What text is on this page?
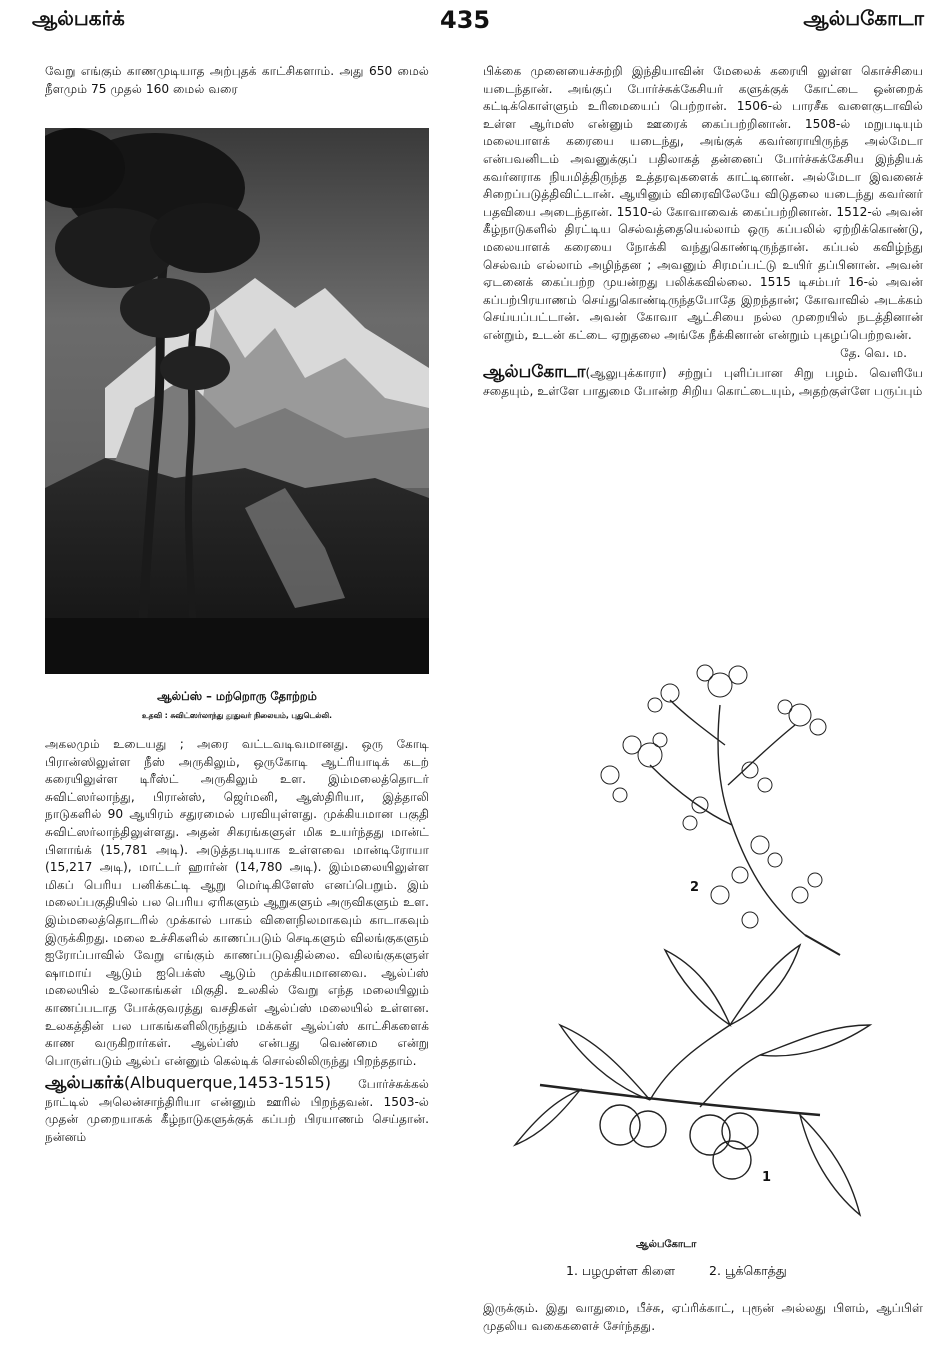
ஆல்பகர்க்	435	ஆல்பகோடா

வேறு எங்கும் காணமுடியாத அற்புதக் காட்சிகளாம். அது 650 மைல் நீளமும் 75 முதல் 160 மைல் வரை

ஆல்ப்ஸ் – மற்றொரு தோற்றம்
உதவி : சுவிட்ஸர்லாந்து தூதுவர் நிலையம், புதுடெல்லி.

அகலமும் உடையது ; அரை வட்டவடிவமானது. ஒரு கோடி பிரான்ஸிலுள்ள நீஸ் அருகிலும், ஒருகோடி ஆட்ரியாடிக் கடற் கரையிலுள்ள டிரீஸ்ட் அருகிலும் உள. இம்மலைத்தொடர் சுவிட்ஸர்லாந்து, பிரான்ஸ், ஜெர்மனி, ஆஸ்திரியா, இத்தாலி நாடுகளில் 90 ஆயிரம் சதுரமைல் பரவியுள்ளது. முக்கியமான பகுதி சுவிட்ஸர்லாந்திலுள்ளது. அதன் சிகரங்களுள் மிக உயர்ந்தது மான்ட் பிளாங்க் (15,781 அடி). அடுத்தபடியாக உள்ளவை மான்டிரோயா (15,217 அடி), மாட்டர் ஹார்ன் (14,780 அடி). இம்மலையிலுள்ள மிகப் பெரிய பனிக்கட்டி ஆறு மெர்டிகிளேஸ் எனப்பெறும். இம் மலைப்பகுதியில் பல பெரிய ஏரிகளும் ஆறுகளும் அருவிகளும் உள. இம்மலைத்தொடரில் முக்கால் பாகம் விளைநிலமாகவும் காடாகவும் இருக்கிறது. மலை உச்சிகளில் காணப்படும் செடிகளும் விலங்குகளும் ஐரோப்பாவில் வேறு எங்கும் காணப்படுவதில்லை. விலங்குகளுள் ஷாமாய் ஆடும் ஐபெக்ஸ் ஆடும் முக்கியமானவை. ஆல்ப்ஸ் மலையில் உலோகங்கள் மிகுதி. உலகில் வேறு எந்த மலையிலும் காணப்படாத போக்குவரத்து வசதிகள் ஆல்ப்ஸ் மலையில் உள்ளன. உலகத்தின் பல பாகங்களிலிருந்தும் மக்கள் ஆல்ப்ஸ் காட்சிகளைக் காண வருகிறார்கள். ஆல்ப்ஸ் என்பது வெண்மை என்று பொருள்படும் ஆல்ப் என்னும் கெல்டிக் சொல்லிலிருந்து பிறந்ததாம்.

ஆல்பகர்க்(Albuquerque,1453-1515) போர்ச்சுக்கல் நாட்டில் அலென்சாந்திரியா என்னும் ஊரில் பிறந்தவன். 1503-ல் முதன் முறையாகக் கீழ்நாடுகளுக்குக் கப்பற் பிரயாணம் செய்தான். நன்னம்

பிக்கை முனையைச்சுற்றி இந்தியாவின் மேலைக் கரையி லுள்ள கொச்சியை யடைந்தான். அங்குப் போர்ச்சுக்கேசியர் களுக்குக் கோட்டை ஒன்றைக் கட்டிக்கொள்ளும் உரிமையைப் பெற்றான். 1506-ல் பாரசீக வளைகுடாவில் உள்ள ஆர்மஸ் என்னும் ஊரைக் கைப்பற்றினான். 1508-ல் மறுபடியும் மலையாளக் கரையை யடைந்து, அங்குக் கவர்னராயிருந்த அல்மேடா என்பவனிடம் அவனுக்குப் பதிலாகத் தன்னைப் போர்ச்சுக்கேசிய இந்தியக் கவர்னராக நியமித்திருந்த உத்தரவுகளைக் காட்டினான். அல்மேடா இவனைச் சிறைப்படுத்திவிட்டான். ஆயினும் விரைவிலேயே விடுதலை யடைந்து கவர்னர் பதவியை அடைந்தான். 1510-ல் கோவாவைக் கைப்பற்றினான். 1512-ல் அவன் கீழ்நாடுகளில் திரட்டிய செல்வத்தையெல்லாம் ஒரு கப்பலில் ஏற்றிக்கொண்டு, மலையாளக் கரையை நோக்கி வந்துகொண்டிருந்தான். கப்பல் கவிழ்ந்து செல்வம் எல்லாம் அழிந்தன ; அவனும் சிரமப்பட்டு உயிர் தப்பினான். அவன் ஏடனைக் கைப்பற்ற முயன்றது பலிக்கவில்லை. 1515 டிசம்பர் 16-ல் அவன் கப்பற்பிரயாணம் செய்துகொண்டிருந்தபோதே இறந்தான்; கோவாவில் அடக்கம் செய்யப்பட்டான். அவன் கோவா ஆட்சியை நல்ல முறையில் நடத்தினான் என்றும், உடன் கட்டை ஏறுதலை அங்கே நீக்கினான் என்றும் புகழப்பெற்றவன்.

தே. வெ. ம.

ஆல்பகோடா(ஆலுபுக்காரா) சற்றுப் புளிப்பான சிறு பழம். வெளியே சதையும், உள்ளே பாதுமை போன்ற சிறிய கொட்டையும், அதற்குள்ளே பருப்பும்

2
1
ஆல்பகோடா
1. பழமுள்ள கிளை	2. பூக்கொத்து

இருக்கும். இது வாதுமை, பீச்சு, ஏப்ரிக்காட், புரூன் அல்லது பிளம், ஆப்பிள் முதலிய வகைகளைச் சேர்ந்தது.
